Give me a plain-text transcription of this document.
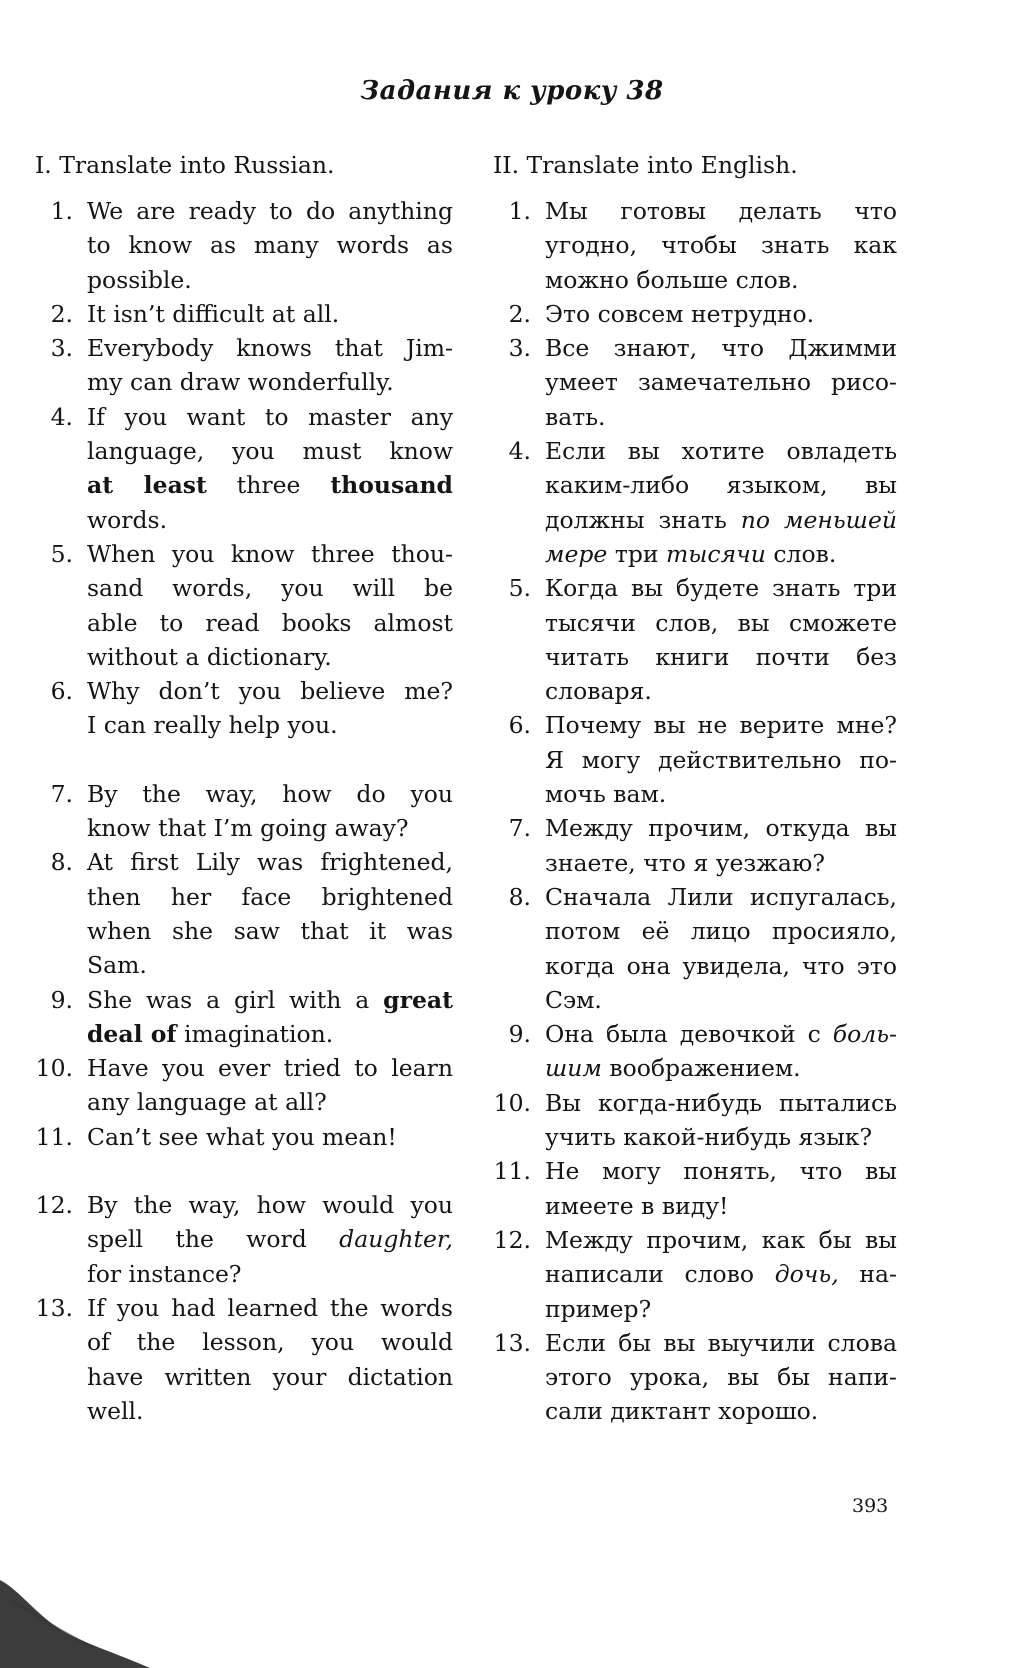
Задания к уроку 38
I. Translate into Russian.
1. We are ready to do anything
to know as many words as
possible.
2. It isn’t difficult at all.
3. Everybody knows that Jim-
my can draw wonderfully.
4. If you want to master any
language, you must know
at least three thousand
words.
5. When you know three thou-
sand words, you will be
able to read books almost
without a dictionary.
6. Why don’t you believe me?
I can really help you.
7. By the way, how do you
know that I’m going away?
8. At first Lily was frightened,
then her face brightened
when she saw that it was
Sam.
9. She was a girl with a great
deal of imagination.
10. Have you ever tried to learn
any language at all?
11. Can’t see what you mean!
12. By the way, how would you
spell the word daughter,
for instance?
13. If you had learned the words
of the lesson, you would
have written your dictation
well.
II. Translate into English.
1. Мы готовы делать что
угодно, чтобы знать как
можно больше слов.
2. Это совсем нетрудно.
3. Все знают, что Джимми
умеет замечательно рисо-
вать.
4. Если вы хотите овладеть
каким-либо языком, вы
должны знать по меньшей
мере три тысячи слов.
5. Когда вы будете знать три
тысячи слов, вы сможете
читать книги почти без
словаря.
6. Почему вы не верите мне?
Я могу действительно по-
мочь вам.
7. Между прочим, откуда вы
знаете, что я уезжаю?
8. Сначала Лили испугалась,
потом её лицо просияло,
когда она увидела, что это
Сэм.
9. Она была девочкой с боль-
шим воображением.
10. Вы когда-нибудь пытались
учить какой-нибудь язык?
11. Не могу понять, что вы
имеете в виду!
12. Между прочим, как бы вы
написали слово дочь, на-
пример?
13. Если бы вы выучили слова
этого урока, вы бы напи-
сали диктант хорошо.
393
